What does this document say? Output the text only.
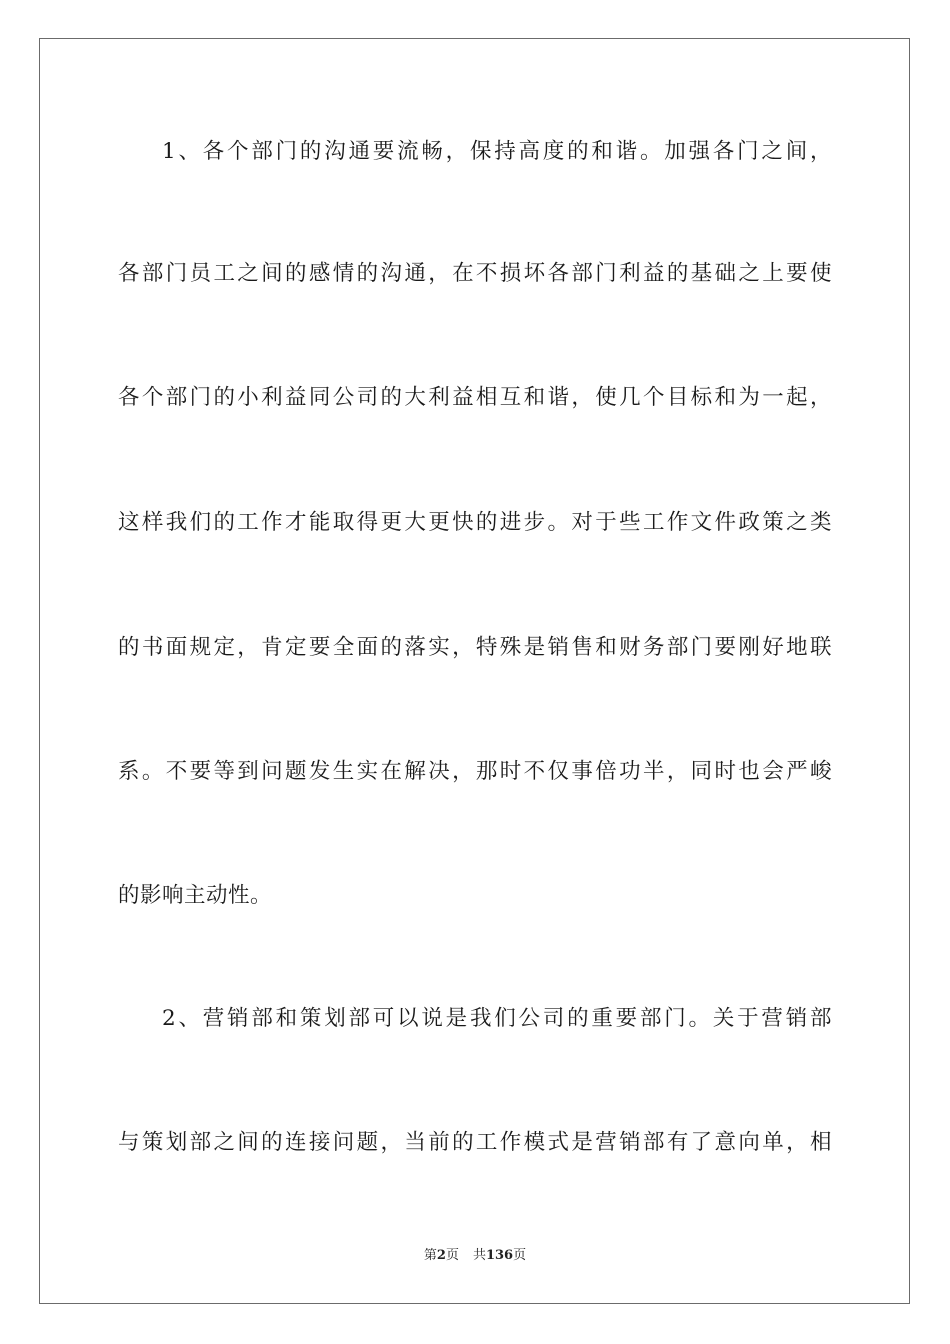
1、各个部门的沟通要流畅，保持高度的和谐。加强各门之间，
各部门员工之间的感情的沟通，在不损坏各部门利益的基础之上要使
各个部门的小利益同公司的大利益相互和谐，使几个目标和为一起，
这样我们的工作才能取得更大更快的进步。对于些工作文件政策之类
的书面规定，肯定要全面的落实，特殊是销售和财务部门要刚好地联
系。不要等到问题发生实在解决，那时不仅事倍功半，同时也会严峻
的影响主动性。
2、营销部和策划部可以说是我们公司的重要部门。关于营销部
与策划部之间的连接问题，当前的工作模式是营销部有了意向单，相
第2页 共136页
